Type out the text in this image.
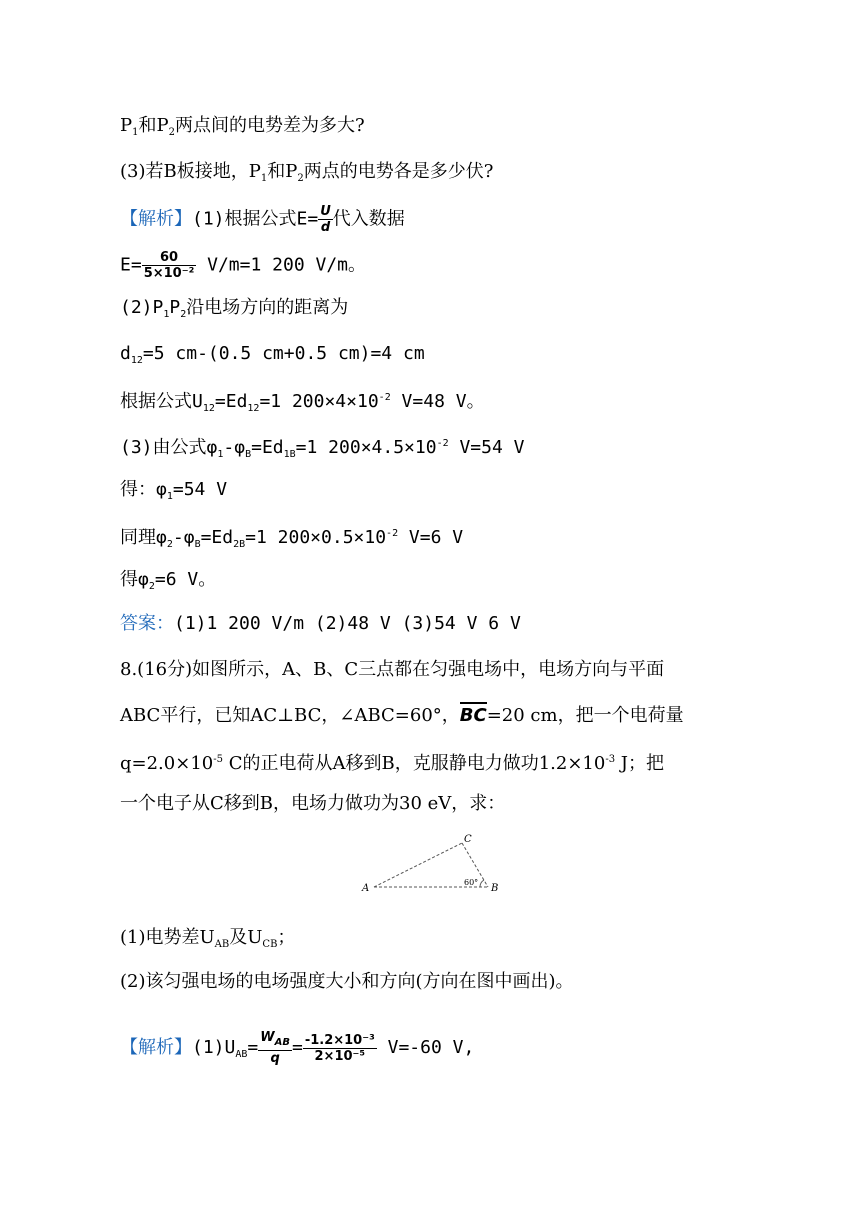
$P_1$和$P_2$两点间的电势差为多大?
(3)若B板接地，$P_1$和$P_2$两点的电势各是多少伏?
【解析】(1)根据公式$E= \frac{U}{d}$ 代入数据
$E= \frac{60}{\text{5×10⁻²}} V/m=1$ 200 V/m。
$(2)P_1P_2$沿电场方向的距离为
$d_{12}=5$ cm-(0.5 cm+0.5 cm)=4 cm
根据公式$U_{12}=Ed_{12}=1$ $200\times 4\times 10^{-2}$ V=48 V。
(3)由公式$\varphi_1-\varphi_B=Ed_{1B}=1$ $200\times 4.5\times 10^{-2}$ V=54 V
得：$\varphi_1=54$ V
同理$\varphi_2-\varphi_B=Ed_{2B}=1$ $200\times 0.5\times 10^{-2}$ V=6 V
得$\varphi_2=6$ V。
答案：(1)1 200 V/m (2)48 V (3)54 V 6 V
8.(16分)如图所示，A、B、C三点都在匀强电场中，电场方向与平面
ABC平行，已知AC⊥BC，∠ABC=60°，BC=20 cm，把一个电荷量
$q=2.0\times 10^{-5}$ C的正电荷从A移到B，克服静电力做功$1.2\times 10^{-3}$ J；把
一个电子从C移到B，电场力做功为30 eV，求：
A	B
C
60°
(1)电势差$U_{AB}$及$U_{CB}$；
(2)该匀强电场的电场强度大小和方向(方向在图中画出)。
【解析】$(1)U_{AB}= \frac{W_{AB}}{q} = \frac{\text{-1.2×10⁻³}}{\text{2×10⁻⁵}} V=-60$ V,
